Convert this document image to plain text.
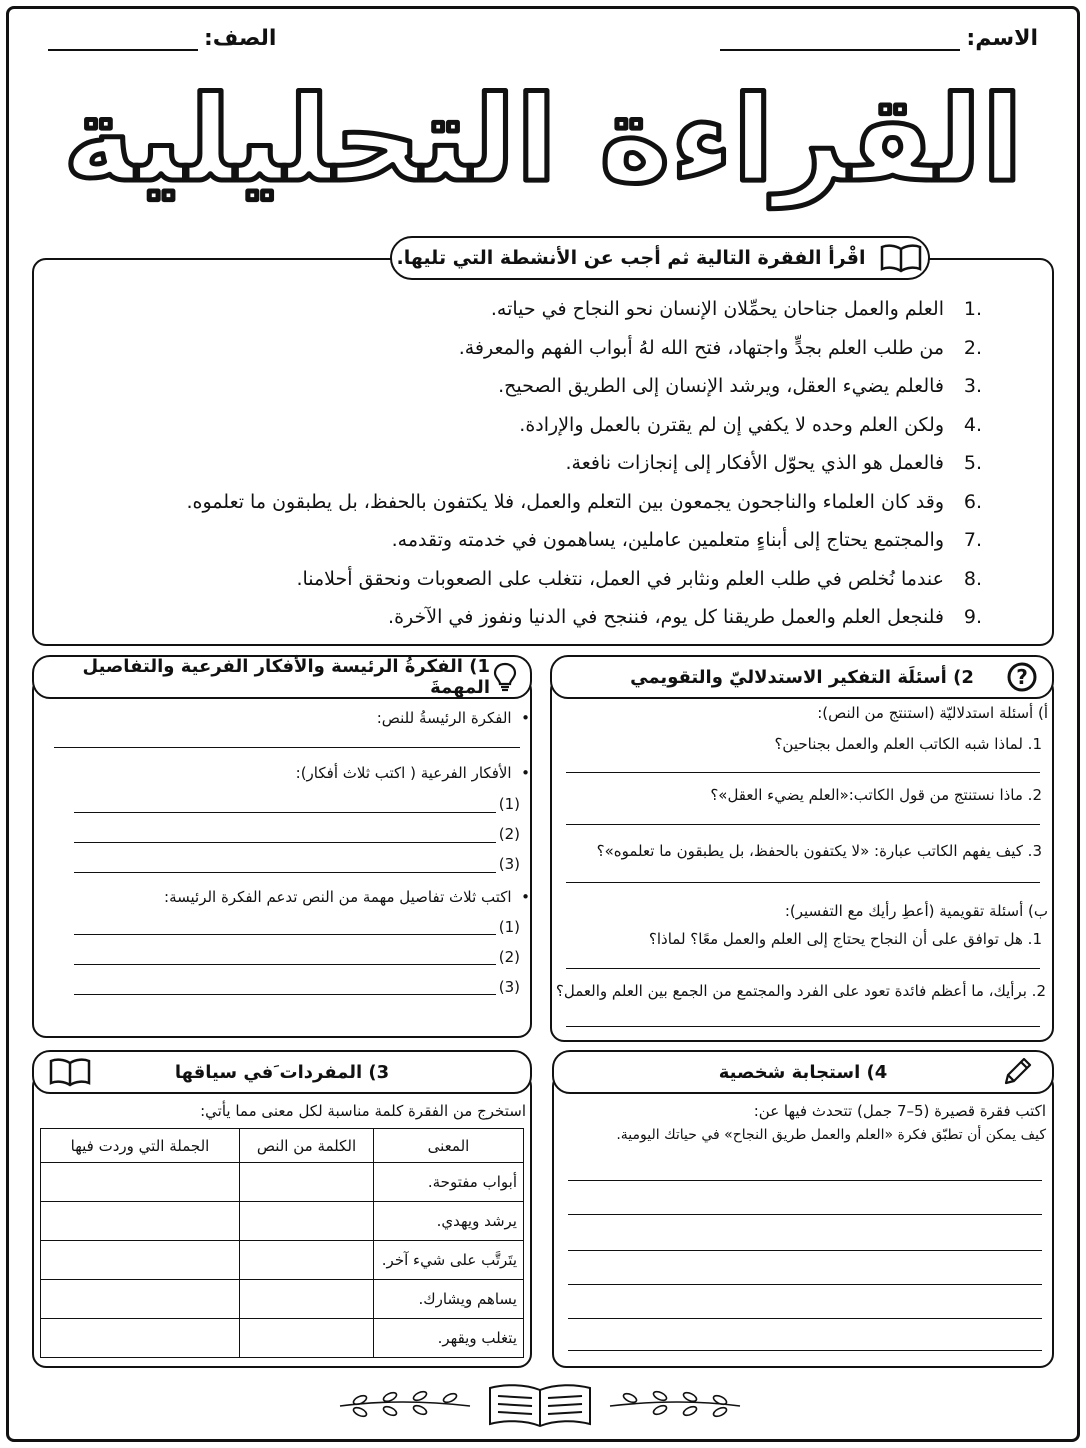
الاسم:
الصف:
القراءة التحليلية
اقْرأ الفقرة التالية ثم أجب عن الأنشطة التي تليها.
1.
العلم والعمل جناحان يحمِّلان الإنسان نحو النجاح في حياته.
2.
من طلب العلم بجدٍّ واجتهاد، فتح الله لهُ أبواب الفهم والمعرفة.
3.
فالعلم يضيء العقل، ويرشد الإنسان إلى الطريق الصحيح.
4.
ولكن العلم وحده لا يكفي إن لم يقترن بالعمل والإرادة.
5.
فالعمل هو الذي يحوّل الأفكار إلى إنجازات نافعة.
6.
وقد كان العلماء والناجحون يجمعون بين التعلم والعمل، فلا يكتفون بالحفظ، بل يطبقون ما تعلموه.
7.
والمجتمع يحتاج إلى أبناءٍ متعلمين عاملين، يساهمون في خدمته وتقدمه.
8.
عندما نُخلص في طلب العلم ونثابر في العمل، نتغلب على الصعوبات ونحقق أحلامنا.
9.
فلنجعل العلم والعمل طريقنا كل يوم، فننجح في الدنيا ونفوز في الآخرة.
2) أسئلَة التفكير الاستدلاليّ والتقويمي ?
أ) أسئلة استدلاليّة (استنتج من النص):
1. لماذا شبه الكاتب العلم والعمل بجناحين؟
2. ماذا نستنتج من قول الكاتب:«العلم يضيء العقل»؟
3. كيف يفهم الكاتب عبارة: «لا يكتفون بالحفظ، بل يطبقون ما تعلموه»؟
ب) أسئلة تقويمية (أعطِ رأيك مع التفسير):
1. هل توافق على أن النجاح يحتاج إلى العلم والعمل معًا؟ لماذا؟
2. برأيك، ما أعظم فائدة تعود على الفرد والمجتمع من الجمع بين العلم والعمل؟
1) الفكرةُ الرئيسة والأفكار الفرعية والتفاصيل المهمةَ
•  الفكرة الرئيسةُ للنص:
•  الأفكار الفرعية ( اكتب ثلاث أفكار):
(1)
(2)
(3)
•  اكتب ثلاث تفاصيل مهمة من النص تدعم الفكرة الرئيسة:
(1)
(2)
(3)
4) استجابة شخصية
اكتب فقرة قصيرة (5–7 جمل) تتحدث فيها عن:
كيف يمكن أن تطبّق فكرة «العلم والعمل طريق النجاح» في حياتك اليومية.
3) المفردات َفي سياقها
استخرج من الفقرة كلمة مناسبة لكل معنى مما يأتي:
المعنى	الكلمة من النص	الجملة التي وردت فيها
أبواب مفتوحة.		
يرشد ويهدي.		
يتَرتَّب على شيء آخر.		
يساهم ويشارك.		
يتغلب ويقهر.		
